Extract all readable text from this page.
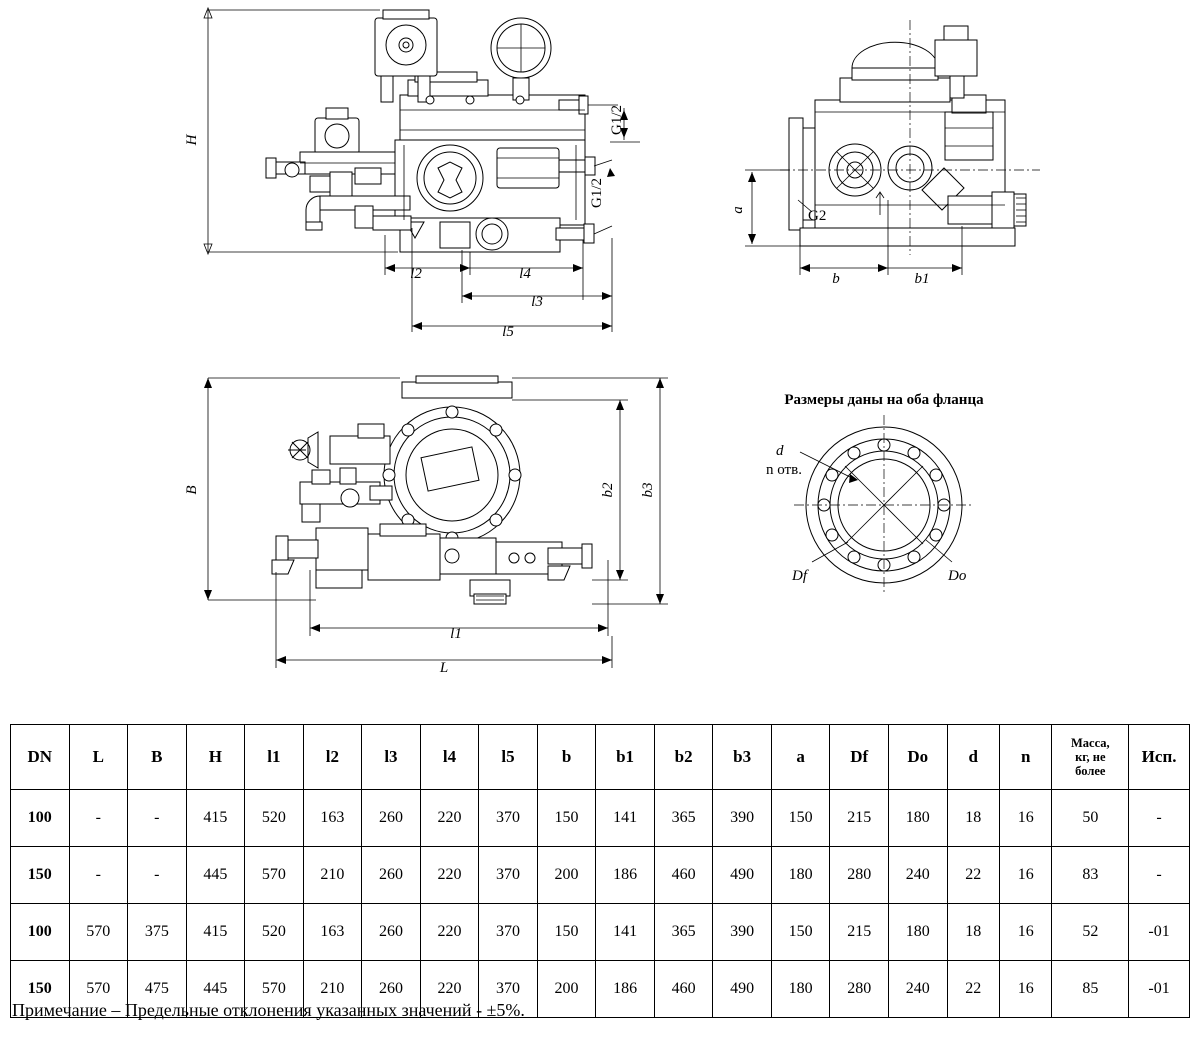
H
l2	l4
l3
l5
G1/2
G1/2
a	G2
b	b1
B	b2 b3
l1
L
Размеры даны на оба фланца
d
n отв.
Df	Do
DN	L	B	H	l1	l2	l3	l4	l5	b	b1	b2	b3	a	Df	Do	d	n	Масса,
кг, не
более	Исп.
100	-	-	415	520	163	260	220	370	150	141	365	390	150	215	180	18	16	50	-
150	-	-	445	570	210	260	220	370	200	186	460	490	180	280	240	22	16	83	-
100	570	375	415	520	163	260	220	370	150	141	365	390	150	215	180	18	16	52	-01
150	570	475	445	570	210	260	220	370	200	186	460	490	180	280	240	22	16	85	-01
Примечание – Предельные отклонения указанных значений - ±5%.
